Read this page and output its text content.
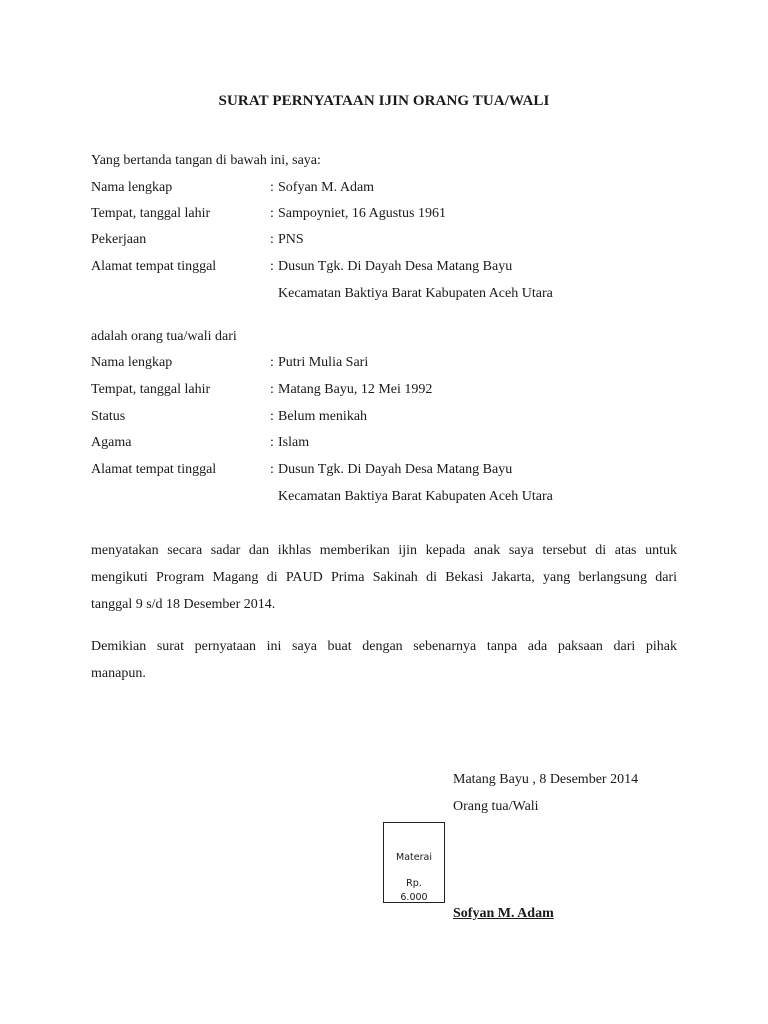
SURAT PERNYATAAN IJIN ORANG TUA/WALI
Yang bertanda tangan di bawah ini, saya:
Nama lengkap	: Sofyan M. Adam
Tempat, tanggal lahir	: Sampoyniet, 16 Agustus 1961
Pekerjaan	: PNS
Alamat tempat tinggal	: Dusun Tgk. Di Dayah Desa Matang Bayu
Kecamatan Baktiya Barat Kabupaten Aceh Utara
adalah orang tua/wali dari
Nama lengkap	: Putri Mulia Sari
Tempat, tanggal lahir	: Matang Bayu, 12 Mei 1992
Status	: Belum menikah
Agama	: Islam
Alamat tempat tinggal	: Dusun Tgk. Di Dayah Desa Matang Bayu
Kecamatan Baktiya Barat Kabupaten Aceh Utara
menyatakan secara sadar dan ikhlas memberikan ijin kepada anak saya tersebut di atas untuk
mengikuti Program Magang di PAUD Prima Sakinah di Bekasi Jakarta, yang berlangsung dari
tanggal 9 s/d 18 Desember 2014.
Demikian surat pernyataan ini saya buat dengan sebenarnya tanpa ada paksaan dari pihak
manapun.
Matang Bayu , 8 Desember 2014
Orang tua/Wali
Materai
Rp.
6.000
Sofyan M. Adam
